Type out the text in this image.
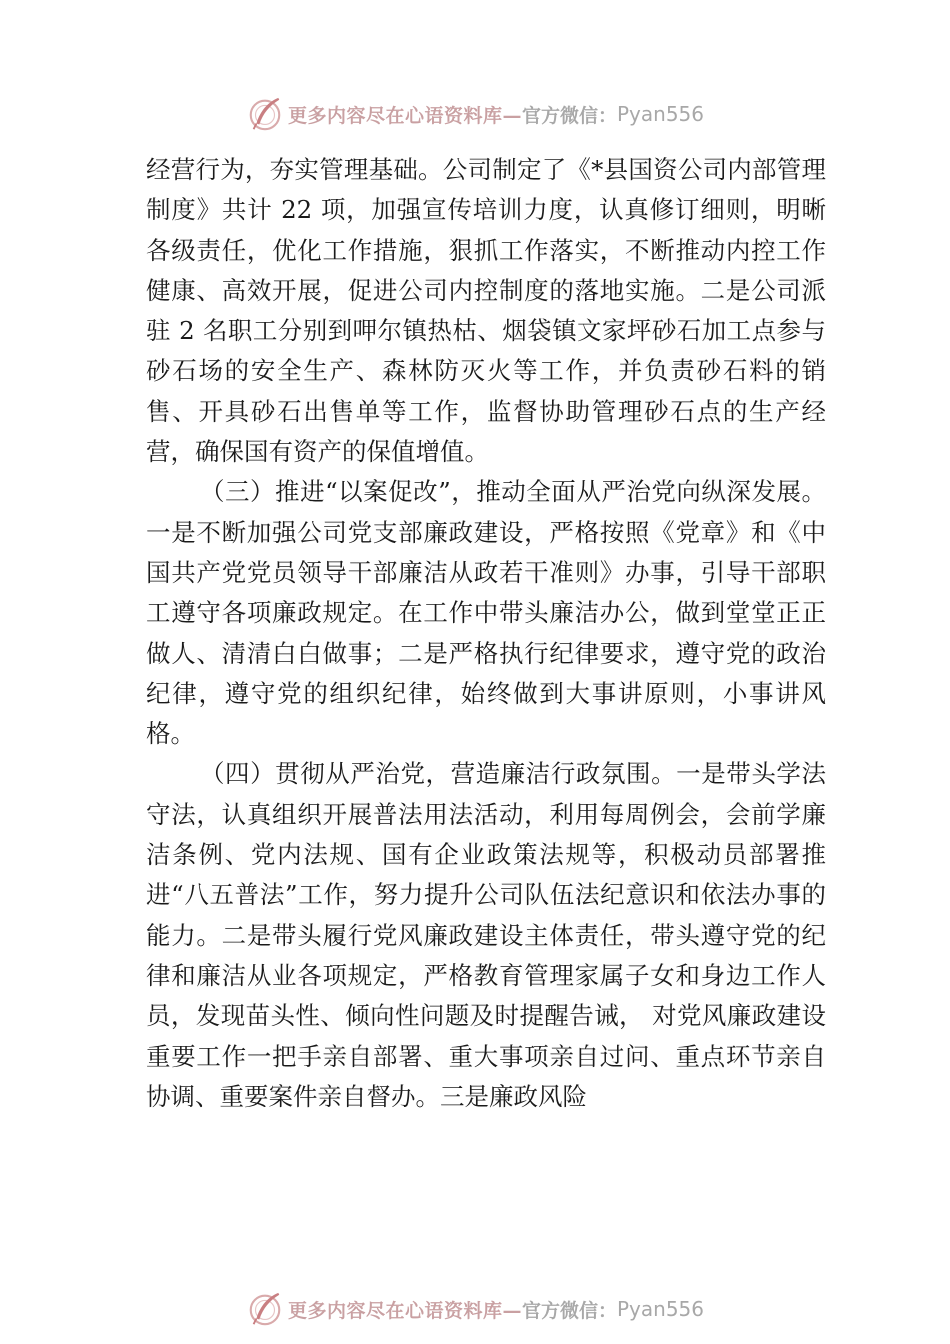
更多内容尽在心语资料库— 官方微信： Pyan556

经营行为，夯实管理基础。公司制定了《*县国资公司内部管理制度》共计 22 项，加强宣传培训力度，认真修订细则，明晰各级责任，优化工作措施，狠抓工作落实，不断推动内控工作健康、高效开展，促进公司内控制度的落地实施。二是公司派驻 2 名职工分别到呷尔镇热枯、烟袋镇文家坪砂石加工点参与砂石场的安全生产、森林防灭火等工作，并负责砂石料的销售、开具砂石出售单等工作，监督协助管理砂石点的生产经营，确保国有资产的保值增值。

（三）推进“以案促改”，推动全面从严治党向纵深发展。一是不断加强公司党支部廉政建设，严格按照《党章》和《中国共产党党员领导干部廉洁从政若干准则》办事，引导干部职工遵守各项廉政规定。在工作中带头廉洁办公，做到堂堂正正做人、清清白白做事；二是严格执行纪律要求，遵守党的政治纪律，遵守党的组织纪律，始终做到大事讲原则，小事讲风格。

（四）贯彻从严治党，营造廉洁行政氛围。一是带头学法守法，认真组织开展普法用法活动，利用每周例会，会前学廉洁条例、党内法规、国有企业政策法规等，积极动员部署推进“八五普法”工作，努力提升公司队伍法纪意识和依法办事的能力。二是带头履行党风廉政建设主体责任，带头遵守党的纪律和廉洁从业各项规定，严格教育管理家属子女和身边工作人员，发现苗头性、倾向性问题及时提醒告诫， 对党风廉政建设重要工作一把手亲自部署、重大事项亲自过问、重点环节亲自协调、重要案件亲自督办。三是廉政风险

更多内容尽在心语资料库— 官方微信： Pyan556
